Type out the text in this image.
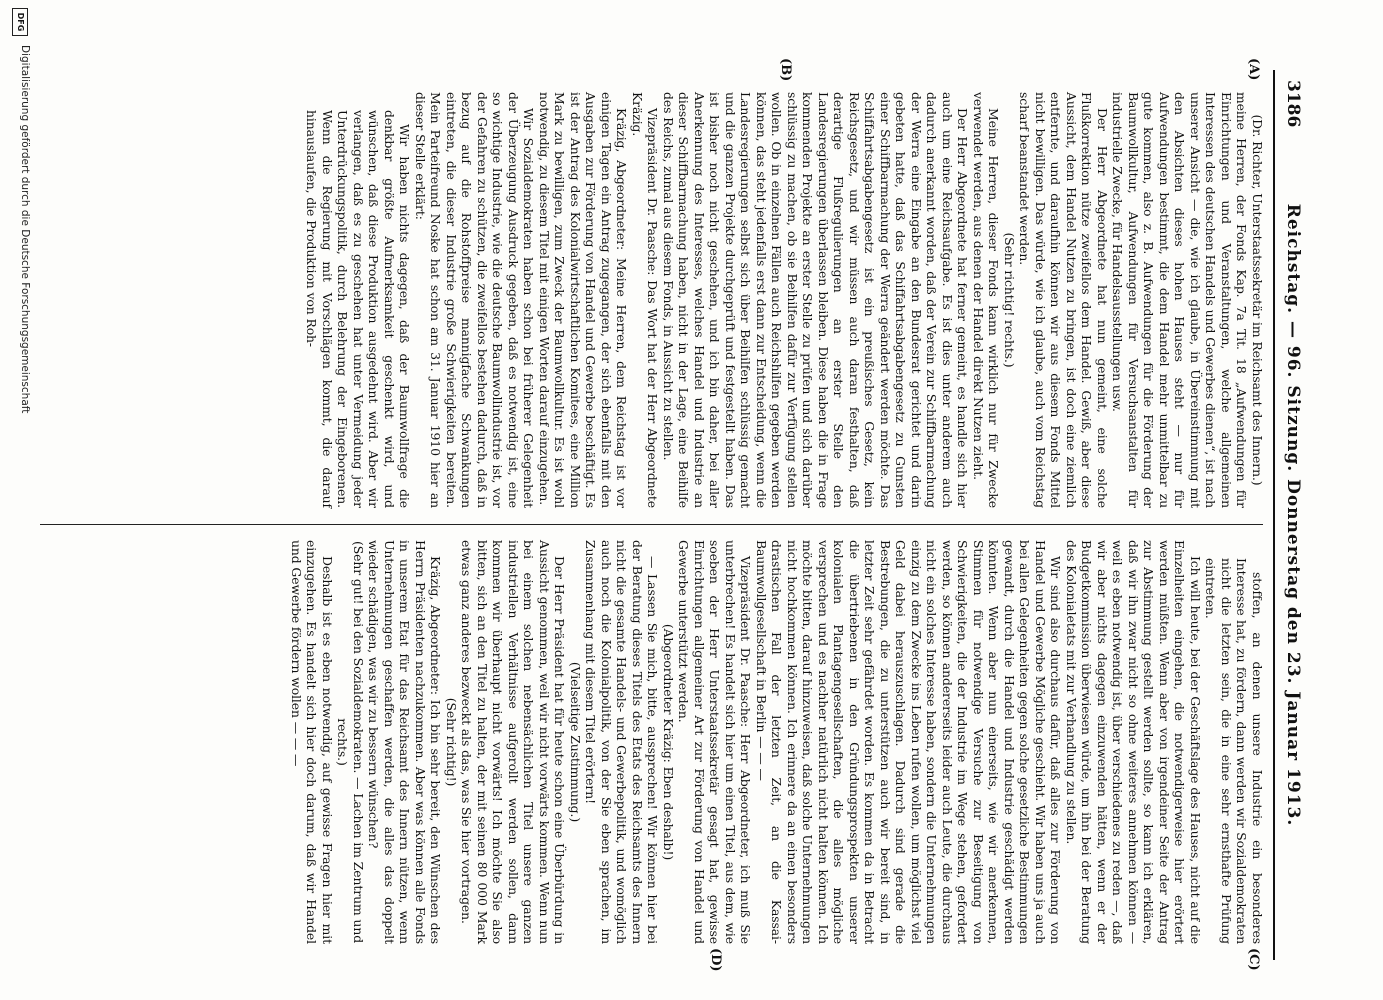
3186
Reichstag. — 96. Sitzung. Donnerstag den 23. Januar 1913.
(A)
(B)
(C)
(D)

(Dr. Richter, Unterstaatssekretär im Reichsamt des Innern.)

meine Herren, der Fonds Kap. 7a Tit. 18 „Aufwendungen für Einrichtungen und Veranstaltungen, welche allgemeinen Interessen des deutschen Handels und Gewerbes dienen“, ist nach unserer Ansicht — die, wie ich glaube, in Übereinstimmung mit den Absichten dieses hohen Hauses steht — nur für Aufwendungen bestimmt, die dem Handel mehr unmittelbar zu gute kommen, also z. B. Aufwendungen für die Förderung der Baumwollkultur, Aufwendungen für Versuchsanstalten für industrielle Zwecke, für Handelsausstellungen usw.

Der Herr Abgeordnete hat nun gemeint, eine solche Flußkorrektion nütze zweifellos dem Handel. Gewiß, aber diese Aussicht, dem Handel Nutzen zu bringen, ist doch eine ziemlich entfernte, und daraufhin können wir aus diesem Fonds Mittel nicht bewilligen. Das würde, wie ich glaube, auch vom Reichstag scharf beanstandet werden.

(Sehr richtig! rechts.)

Meine Herren, dieser Fonds kann wirklich nur für Zwecke verwendet werden, aus denen der Handel direkt Nutzen zieht.

Der Herr Abgeordnete hat ferner gemeint, es handle sich hier auch um eine Reichsaufgabe. Es ist dies unter anderem auch dadurch anerkannt worden, daß der Verein zur Schiffbarmachung der Werra eine Eingabe an den Bundesrat gerichtet und darin gebeten hatte, daß das Schiffahrtsabgabengesetz zu Gunsten einer Schiffbarmachung der Werra geändert werden möchte. Das Schiffahrtsabgabengesetz ist ein preußisches Gesetz, kein Reichsgesetz, und wir müssen auch daran festhalten, daß derartige Flußregulierungen an erster Stelle den Landesregierungen überlassen bleiben. Diese haben die in Frage kommenden Projekte an erster Stelle zu prüfen und sich darüber schlüssig zu machen, ob sie Beihilfen dafür zur Verfügung stellen wollen. Ob in einzelnen Fällen auch Reichshilfen gegeben werden können, das steht jedenfalls erst dann zur Entscheidung, wenn die Landesregierungen selbst sich über Beihilfen schlüssig gemacht und die ganzen Projekte durchgeprüft und festgestellt haben. Das ist bisher noch nicht geschehen, und ich bin daher, bei aller Anerkennung des Interesses, welches Handel und Industrie an dieser Schiffbarmachung haben, nicht in der Lage, eine Beihilfe des Reichs, zumal aus diesem Fonds, in Aussicht zu stellen.

Vizepräsident Dr. Paasche: Das Wort hat der Herr Abgeordnete Kräzig.

Kräzig, Abgeordneter: Meine Herren, dem Reichstag ist vor einigen Tagen ein Antrag zugegangen, der sich ebenfalls mit den Ausgaben zur Förderung von Handel und Gewerbe beschäftigt. Es ist der Antrag des Kolonialwirtschaftlichen Komitees, eine Million Mark zu bewilligen, zum Zweck der Baumwollkultur. Es ist wohl notwendig, zu diesem Titel mit einigen Worten darauf einzugehen.

Wir Sozialdemokraten haben schon bei früherer Gelegenheit der Überzeugung Ausdruck gegeben, daß es notwendig ist, eine so wichtige Industrie, wie die deutsche Baumwollindustrie ist, vor der Gefahren zu schützen, die zweifellos bestehen dadurch, daß in bezug auf die Rohstoffpreise mannigfache Schwankungen eintreten, die dieser Industrie große Schwierigkeiten bereiten. Mein Parteifreund Noske hat schon am 31. Januar 1910 hier an dieser Stelle erklärt:

Wir haben nichts dagegen, daß der Baumwollfrage die denkbar größte Aufmerksamkeit geschenkt wird, und wünschen, daß diese Produktion ausgedehnt wird. Aber wir verlangen, daß es zu geschehen hat unter Vermeidung jeder Unterdrückungspolitik, durch Belehrung der Eingeborenen. Wenn die Regierung mit Vorschlägen kommt, die darauf hinauslaufen, die Produktion von Roh-

stoffen, an denen unsere Industrie ein besonderes Interesse hat, zu fördern, dann werden wir Sozialdemokraten nicht die letzten sein, die in eine sehr ernsthafte Prüfung eintreten.

Ich will heute, bei der Geschäftslage des Hauses, nicht auf die Einzelheiten eingehen, die notwendigerweise hier erörtert werden müßten. Wenn aber von irgendeiner Seite der Antrag zur Abstimmung gestellt werden sollte, so kann ich erklären, daß wir ihn zwar nicht so ohne weiteres annehmen können — weil es eben notwendig ist, über verschiedenes zu reden —, daß wir aber nichts dagegen einzuwenden hätten, wenn er der Budgetkommission überwiesen würde, um ihn bei der Beratung des Kolonialetats mit zur Verhandlung zu stellen.

Wir sind also durchaus dafür, daß alles zur Förderung von Handel und Gewerbe Mögliche geschieht. Wir haben uns ja auch bei allen Gelegenheiten gegen solche gesetzliche Bestimmungen gewandt, durch die Handel und Industrie geschädigt werden könnten. Wenn aber nun einerseits, wie wir anerkennen, Stimmen für notwendige Versuche zur Beseitigung von Schwierigkeiten, die der Industrie im Wege stehen, gefordert werden, so können andererseits leider auch Leute, die durchaus nicht ein solches Interesse haben, sondern die Unternehmungen einzig zu dem Zwecke ins Leben rufen wollen, um möglichst viel Geld dabei herauszuschlagen. Dadurch sind gerade die Bestrebungen, die zu unterstützen auch wir bereit sind, in letzter Zeit sehr gefährdet worden. Es kommen da in Betracht die übertriebenen in den Gründungsprospekten unserer kolonialen Plantagengesellschaften, die alles mögliche versprechen und es nachher natürlich nicht halten können. Ich möchte bitten, darauf hinzuweisen, daß solche Unternehmungen nicht hochkommen können. Ich erinnere da an einen besonders drastischen Fall der letzten Zeit, an die Kassai-Baumwollgesellschaft in Berlin — — —

Vizepräsident Dr. Paasche: Herr Abgeordneter, ich muß Sie unterbrechen! Es handelt sich hier um einen Titel, aus dem, wie soeben der Herr Unterstaatssekretär gesagt hat, gewisse Einrichtungen allgemeiner Art zur Förderung von Handel und Gewerbe unterstützt werden.

(Abgeordneter Kräzig: Eben deshalb!)

— Lassen Sie mich, bitte, aussprechen! Wir können hier bei der Beratung dieses Titels des Etats des Reichsamts des Innern nicht die gesamte Handels- und Gewerbepolitik, und womöglich auch noch die Kolonialpolitik, von der Sie eben sprachen, im Zusammenhang mit diesem Titel erörtern!

(Vielseitige Zustimmung.)

Der Herr Präsident hat für heute schon eine Überbürdung in Aussicht genommen, weil wir nicht vorwärts kommen. Wenn nun bei einem solchen nebensächlichen Titel unsere ganzen industriellen Verhältnisse aufgerollt werden sollen, dann kommen wir überhaupt nicht vorwärts! Ich möchte Sie also bitten, sich an den Titel zu halten, der mit seinen 80 000 Mark etwas ganz anderes bezweckt als das, was Sie hier vortragen.

(Sehr richtig!)

Kräzig, Abgeordneter: Ich bin sehr bereit, den Wünschen des Herrn Präsidenten nachzukommen. Aber was können alle Fonds in unserem Etat für das Reichsamt des Innern nützen, wenn Unternehmungen geschaffen werden, die alles das doppelt wieder schädigen, was wir zu bessern wünschen?

(Sehr gut! bei den Sozialdemokraten. — Lachen im Zentrum und rechts.)

Deshalb ist es eben notwendig, auf gewisse Fragen hier mit einzugehen. Es handelt sich hier doch darum, daß wir Handel und Gewerbe fördern wollen — — —

DFG
Digitalisierung gefördert durch die Deutsche Forschungsgemeinschaft
